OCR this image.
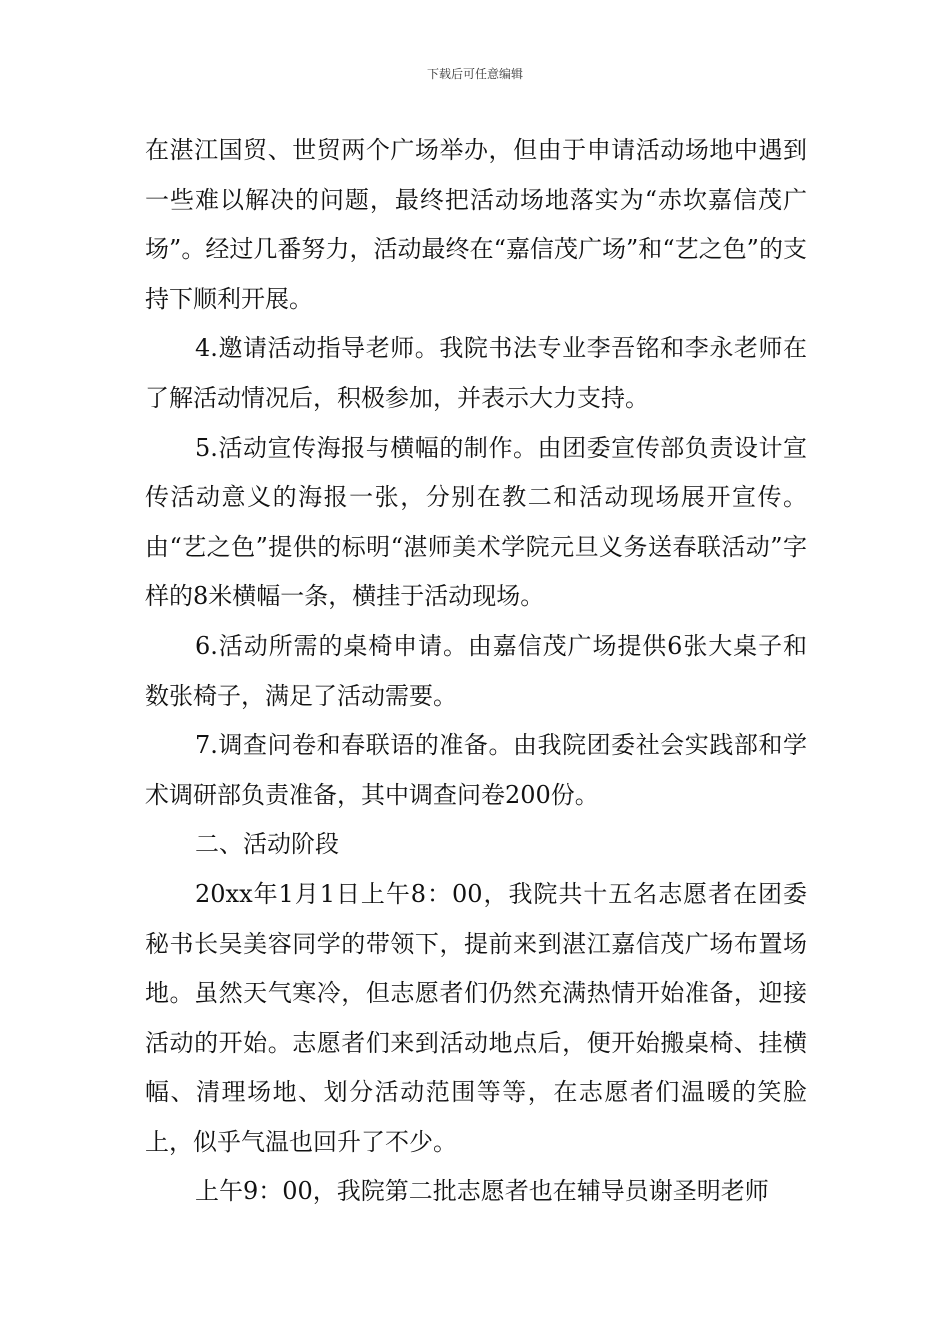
下载后可任意编辑

在湛江国贸、世贸两个广场举办，但由于申请活动场地中遇到一些难以解决的问题，最终把活动场地落实为“赤坎嘉信茂广场”。经过几番努力，活动最终在“嘉信茂广场”和“艺之色”的支持下顺利开展。

4.邀请活动指导老师。我院书法专业李吾铭和李永老师在了解活动情况后，积极参加，并表示大力支持。

5.活动宣传海报与横幅的制作。由团委宣传部负责设计宣传活动意义的海报一张，分别在教二和活动现场展开宣传。由“艺之色”提供的标明“湛师美术学院元旦义务送春联活动”字样的8米横幅一条，横挂于活动现场。

6.活动所需的桌椅申请。由嘉信茂广场提供6张大桌子和数张椅子，满足了活动需要。

7.调查问卷和春联语的准备。由我院团委社会实践部和学术调研部负责准备，其中调查问卷200份。

二、活动阶段

20xx年1月1日上午8：00，我院共十五名志愿者在团委秘书长吴美容同学的带领下，提前来到湛江嘉信茂广场布置场地。虽然天气寒冷，但志愿者们仍然充满热情开始准备，迎接活动的开始。志愿者们来到活动地点后，便开始搬桌椅、挂横幅、清理场地、划分活动范围等等，在志愿者们温暖的笑脸上，似乎气温也回升了不少。

上午9：00，我院第二批志愿者也在辅导员谢圣明老师
